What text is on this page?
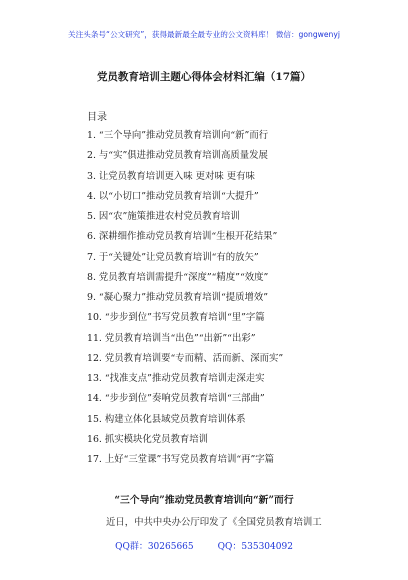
关注头条号“公文研究”，获得最新最全最专业的公文资料库！ 微信：gongwenyj
党员教育培训主题心得体会材料汇编（17篇）
目录
1. “三个导向”推动党员教育培训向“新”而行
2. 与“实”俱进推动党员教育培训高质量发展
3. 让党员教育培训更入味 更对味 更有味
4. 以“小切口”推动党员教育培训“大提升”
5. 因“农”施策推进农村党员教育培训
6. 深耕细作推动党员教育培训“生根开花结果”
7. 于“关键处”让党员教育培训“有的放矢”
8. 党员教育培训需提升“深度”“精度”“效度”
9. “凝心聚力”推动党员教育培训“提质增效”
10. “步步到位”书写党员教育培训“里”字篇
11. 党员教育培训当“出色”“出新”“出彩”
12. 党员教育培训要“专而精、活而新、深而实”
13. “找准支点”推动党员教育培训走深走实
14. “步步到位”奏响党员教育培训“三部曲”
15. 构建立体化县域党员教育培训体系
16. 抓实模块化党员教育培训
17. 上好“三堂课”书写党员教育培训“再”字篇
“三个导向”推动党员教育培训向“新”而行
近日，中共中央办公厅印发了《全国党员教育培训工
QQ群：30265665	QQ：535304092
